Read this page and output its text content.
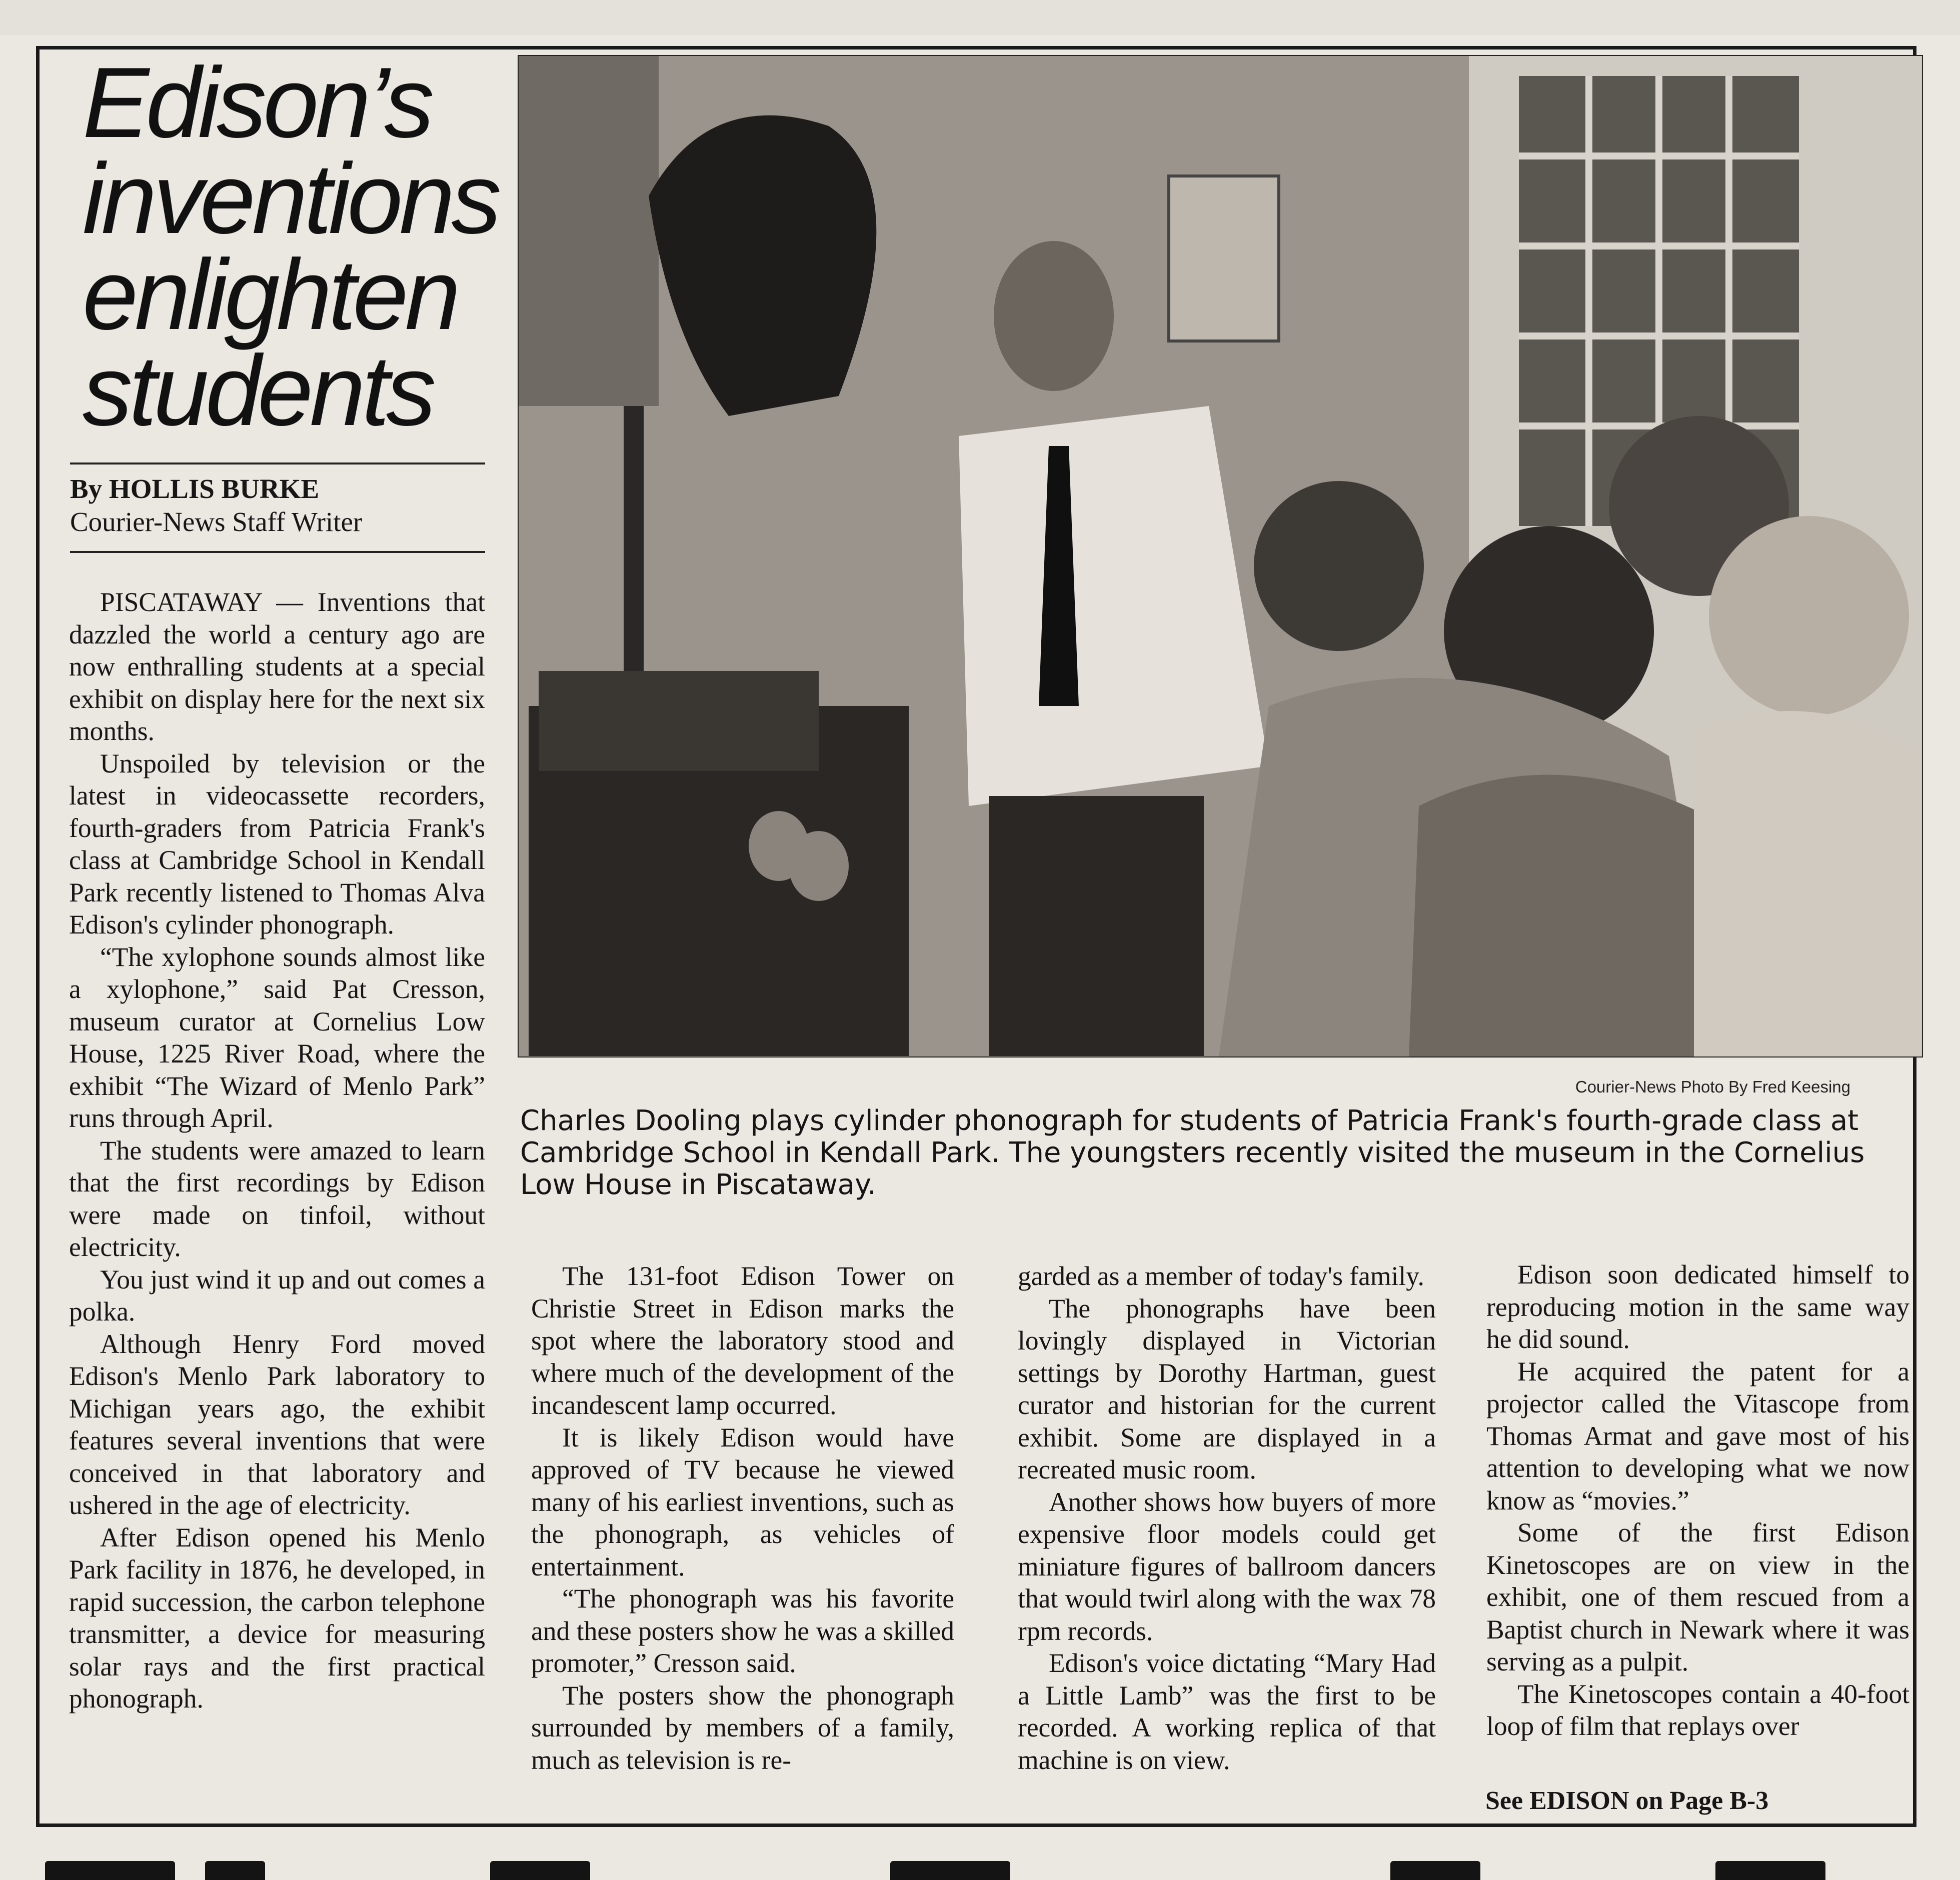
Edison’s
inventions
enlighten
students
By HOLLIS BURKE
Courier-News Staff Writer

PISCATAWAY — Inventions that dazzled the world a century ago are now enthralling students at a special exhibit on display here for the next six months.

Unspoiled by television or the latest in videocassette recorders, fourth-graders from Patricia Frank's class at Cambridge School in Kendall Park recently listened to Thomas Alva Edison's cylinder phonograph.

“The xylophone sounds almost like a xylophone,” said Pat Cresson, museum curator at Cornelius Low House, 1225 River Road, where the exhibit “The Wizard of Menlo Park” runs through April.

The students were amazed to learn that the first recordings by Edison were made on tinfoil, without electricity.

You just wind it up and out comes a polka.

Although Henry Ford moved Edison's Menlo Park laboratory to Michigan years ago, the exhibit features several inventions that were conceived in that laboratory and ushered in the age of electricity.

After Edison opened his Menlo Park facility in 1876, he developed, in rapid succession, the carbon telephone transmitter, a device for measuring solar rays and the first practical phonograph.

Courier-News Photo By Fred Keesing
Charles Dooling plays cylinder phonograph for students of Patricia Frank's fourth-grade class at Cambridge School in Kendall Park. The youngsters recently visited the museum in the Cornelius Low House in Piscataway.

The 131-foot Edison Tower on Christie Street in Edison marks the spot where the laboratory stood and where much of the development of the incandescent lamp occurred.

It is likely Edison would have approved of TV because he viewed many of his earliest inventions, such as the phonograph, as vehicles of entertainment.

“The phonograph was his favorite and these posters show he was a skilled promoter,” Cresson said.

The posters show the phonograph surrounded by members of a family, much as television is re-

garded as a member of today's family.

The phonographs have been lovingly displayed in Victorian settings by Dorothy Hartman, guest curator and historian for the current exhibit. Some are displayed in a recreated music room.

Another shows how buyers of more expensive floor models could get miniature figures of ballroom dancers that would twirl along with the wax 78 rpm records.

Edison's voice dictating “Mary Had a Little Lamb” was the first to be recorded. A working replica of that machine is on view.

Edison soon dedicated himself to reproducing motion in the same way he did sound.

He acquired the patent for a projector called the Vitascope from Thomas Armat and gave most of his attention to developing what we now know as “movies.”

Some of the first Edison Kinetoscopes are on view in the exhibit, one of them rescued from a Baptist church in Newark where it was serving as a pulpit.

The Kinetoscopes contain a 40-foot loop of film that replays over

See EDISON on Page B-3
